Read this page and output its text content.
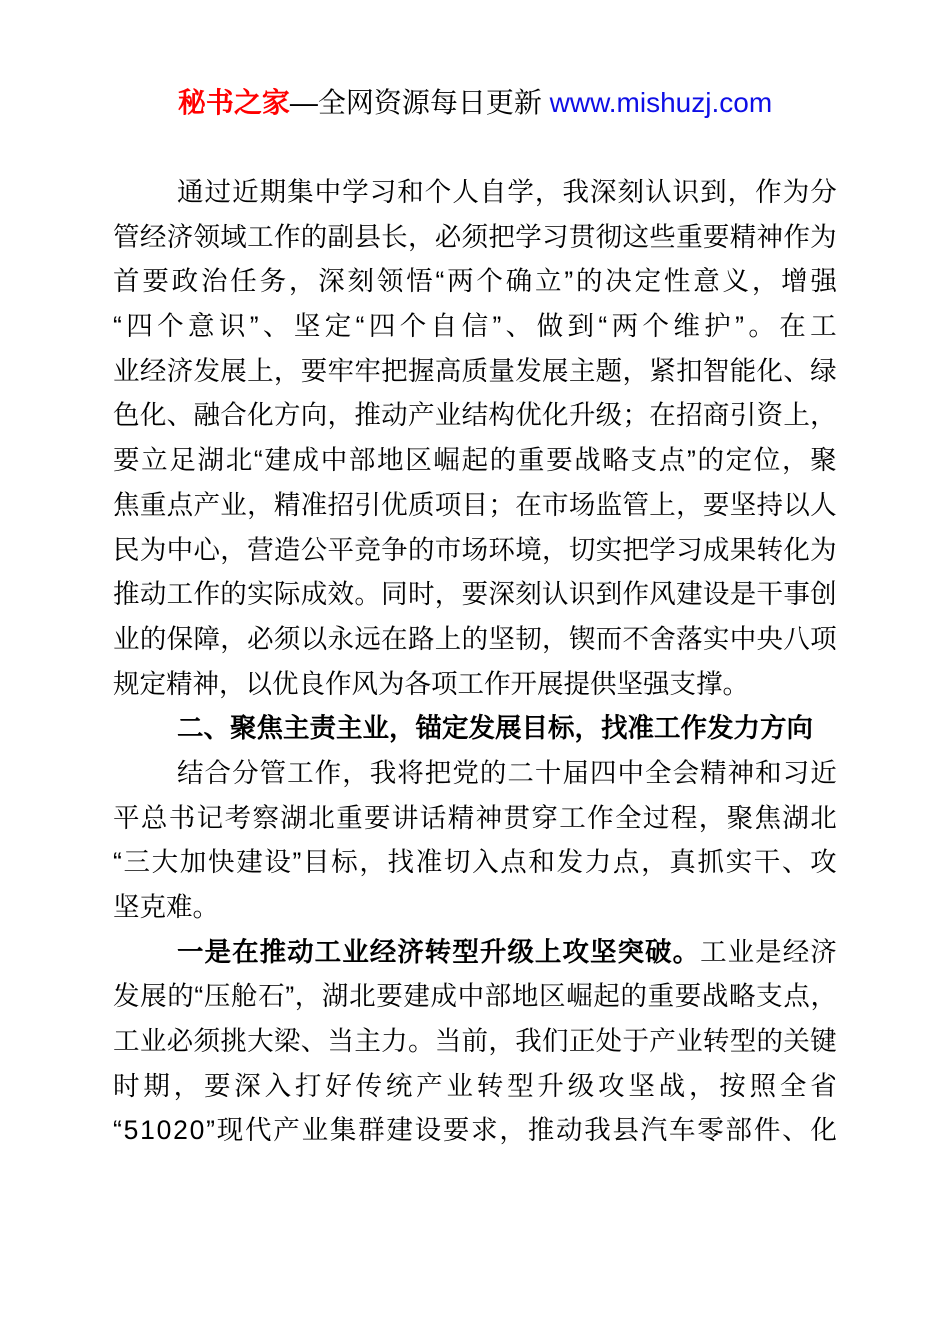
秘书之家—全网资源每日更新 www.mishuzj.com
通 过 近 期 集 中 学 习 和 个 人 自 学 ， 我 深 刻 认 识 到 ， 作 为 分
管 经 济 领 域 工 作 的 副 县 长 ， 必 须 把 学 习 贯 彻 这 些 重 要 精 神 作 为
首 要 政 治 任 务 ， 深 刻 领 悟 “ 两 个 确 立 ” 的 决 定 性 意 义 ， 增 强
“ 四 个 意 识 ” 、 坚 定 “ 四 个 自 信 ” 、 做 到 “ 两 个 维 护 ” 。 在 工
业 经 济 发 展 上 ， 要 牢 牢 把 握 高 质 量 发 展 主 题 ， 紧 扣 智 能 化 、 绿
色 化 、 融 合 化 方 向 ， 推 动 产 业 结 构 优 化 升 级 ； 在 招 商 引 资 上 ，
要 立 足 湖 北 “ 建 成 中 部 地 区 崛 起 的 重 要 战 略 支 点 ” 的 定 位 ， 聚
焦 重 点 产 业 ， 精 准 招 引 优 质 项 目 ； 在 市 场 监 管 上 ， 要 坚 持 以 人
民 为 中 心 ， 营 造 公 平 竞 争 的 市 场 环 境 ， 切 实 把 学 习 成 果 转 化 为
推 动 工 作 的 实 际 成 效 。 同 时 ， 要 深 刻 认 识 到 作 风 建 设 是 干 事 创
业 的 保 障 ， 必 须 以 永 远 在 路 上 的 坚 韧 ， 锲 而 不 舍 落 实 中 央 八 项
规定精神，以优良作风为各项工作开展提供坚强支撑。
二、聚焦主责主业，锚定发展目标，找准工作发力方向
结 合 分 管 工 作 ， 我 将 把 党 的 二 十 届 四 中 全 会 精 神 和 习 近
平 总 书 记 考 察 湖 北 重 要 讲 话 精 神 贯 穿 工 作 全 过 程 ， 聚 焦 湖 北
“ 三 大 加 快 建 设 ” 目 标 ， 找 准 切 入 点 和 发 力 点 ， 真 抓 实 干 、 攻
坚克难。
一 是 在 推 动 工 业 经 济 转 型 升 级 上 攻 坚 突 破 。 工 业 是 经 济
发 展 的 “ 压 舱 石 ” ， 湖 北 要 建 成 中 部 地 区 崛 起 的 重 要 战 略 支 点 ，
工 业 必 须 挑 大 梁 、 当 主 力 。 当 前 ， 我 们 正 处 于 产 业 转 型 的 关 键
时 期 ， 要 深 入 打 好 传 统 产 业 转 型 升 级 攻 坚 战 ， 按 照 全 省
“ 5 1 0 2 0 ” 现 代 产 业 集 群 建 设 要 求 ， 推 动 我 县 汽 车 零 部 件 、 化
